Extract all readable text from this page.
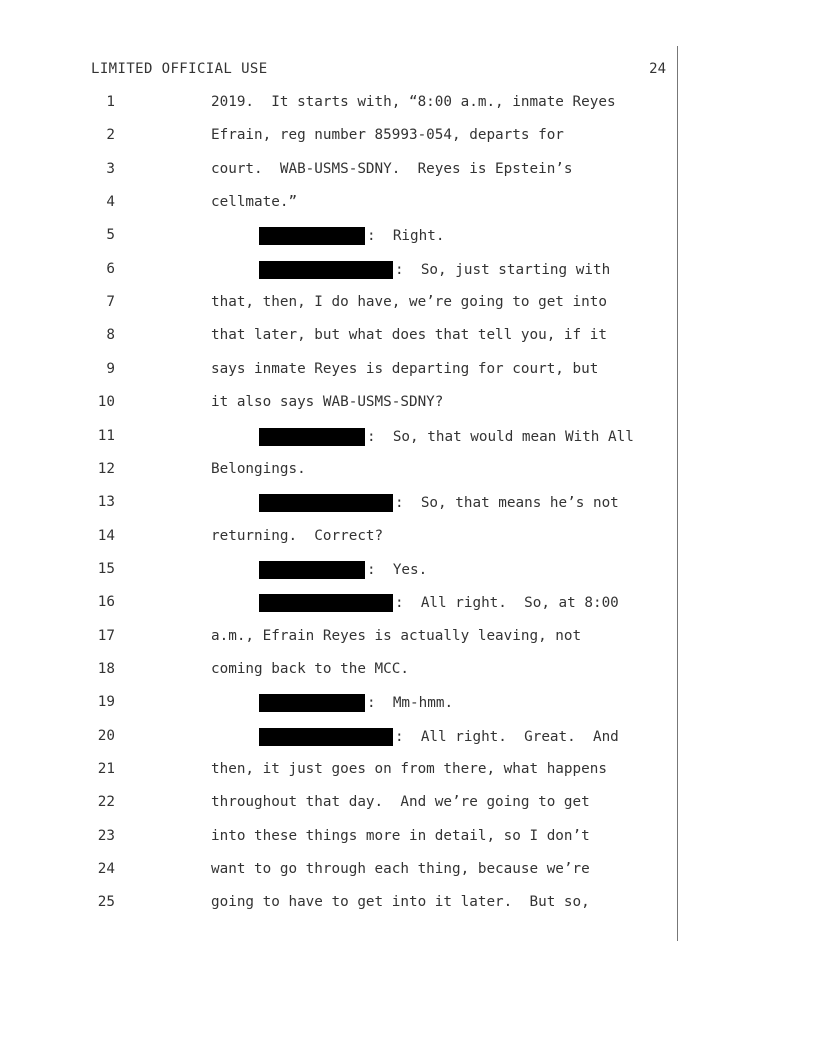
LIMITED OFFICIAL USE	24
1	2019.  It starts with, “8:00 a.m., inmate Reyes
2	Efrain, reg number 85993-054, departs for
3	court.  WAB-USMS-SDNY.  Reyes is Epstein’s
4	cellmate.”
5	:  Right.
6	:  So, just starting with
7	that, then, I do have, we’re going to get into
8	that later, but what does that tell you, if it
9	says inmate Reyes is departing for court, but
10	it also says WAB-USMS-SDNY?
11	:  So, that would mean With All
12	Belongings.
13	:  So, that means he’s not
14	returning.  Correct?
15	:  Yes.
16	:  All right.  So, at 8:00
17	a.m., Efrain Reyes is actually leaving, not
18	coming back to the MCC.
19	:  Mm-hmm.
20	:  All right.  Great.  And
21	then, it just goes on from there, what happens
22	throughout that day.  And we’re going to get
23	into these things more in detail, so I don’t
24	want to go through each thing, because we’re
25	going to have to get into it later.  But so,
